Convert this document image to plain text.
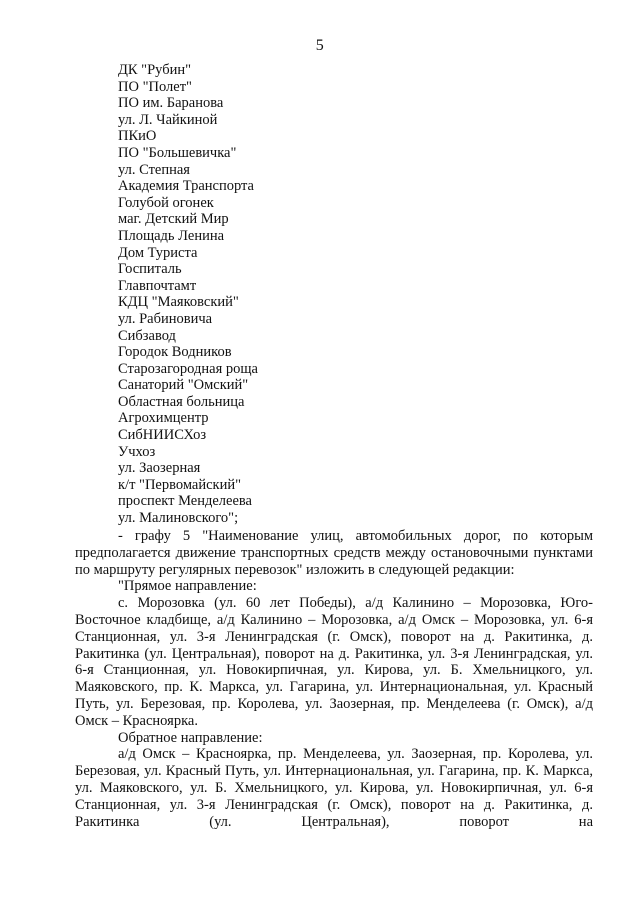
5
ДК "Рубин"
ПО "Полет"
ПО им. Баранова
ул. Л. Чайкиной
ПКиО
ПО "Большевичка"
ул. Степная
Академия Транспорта
Голубой огонек
маг. Детский Мир
Площадь Ленина
Дом Туриста
Госпиталь
Главпочтамт
КДЦ "Маяковский"
ул. Рабиновича
Сибзавод
Городок Водников
Старозагородная роща
Санаторий "Омский"
Областная больница
Агрохимцентр
СибНИИСХоз
Учхоз
ул. Заозерная
к/т "Первомайский"
проспект Менделеева
ул. Малиновского";

- графу 5 "Наименование улиц, автомобильных дорог, по которым предполагается движение транспортных средств между остановочными пунктами по маршруту регулярных перевозок" изложить в следующей редакции:

"Прямое направление:

с. Морозовка (ул. 60 лет Победы), а/д Калинино – Морозовка, Юго-Восточное кладбище, а/д Калинино – Морозовка, а/д Омск – Морозовка, ул. 6-я Станционная, ул. 3-я Ленинградская (г. Омск), поворот на д. Ракитинка, д. Ракитинка (ул. Центральная), поворот на д. Ракитинка, ул. 3-я Ленинградская, ул. 6-я Станционная, ул. Новокирпичная, ул. Кирова, ул. Б. Хмельницкого, ул. Маяковского, пр. К. Маркса, ул. Гагарина, ул. Интернациональная, ул. Красный Путь, ул. Березовая, пр. Королева, ул. Заозерная, пр. Менделеева (г. Омск), а/д Омск – Красноярка.

Обратное направление:

а/д Омск – Красноярка, пр. Менделеева, ул. Заозерная, пр. Королева, ул. Березовая, ул. Красный Путь, ул. Интернациональная, ул. Гагарина, пр. К. Маркса, ул. Маяковского, ул. Б. Хмельницкого, ул. Кирова, ул. Новокирпичная, ул. 6-я Станционная, ул. 3-я Ленинградская (г. Омск), поворот на д. Ракитинка, д. Ракитинка (ул. Центральная), поворот на
